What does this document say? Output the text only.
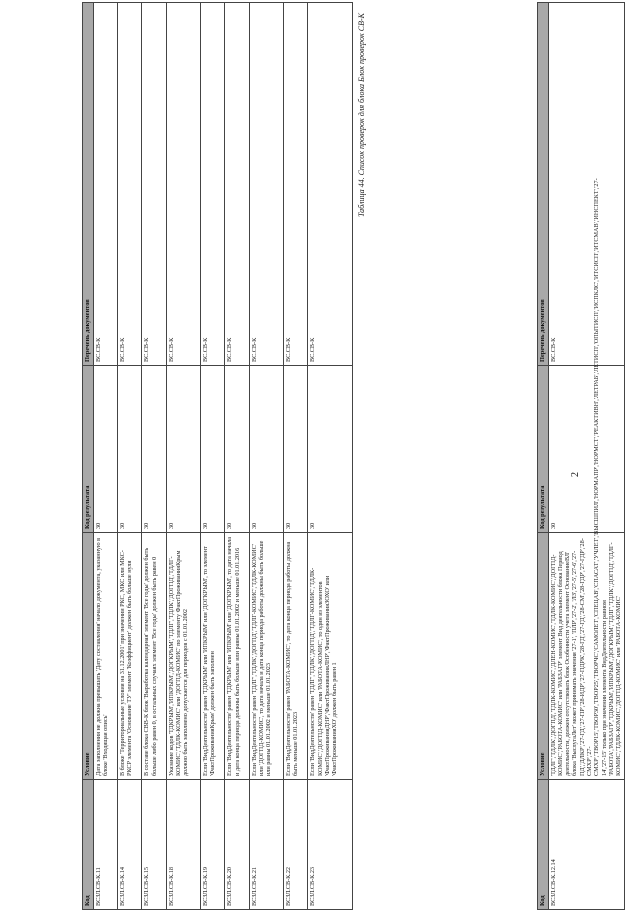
2
Код	Условие	Код результата	Перечень документов
ВСЗЛ.СВ-К.12.14	'ТДЛГ','ТДЛК','ДОГПД','ТДЛК-КОМИС','ДЛЕН-КОМИС','ТДЛК-КОМИС','ДОГПД-КОМИС','РАБОТА-КОМИС' или 'РАБЗАГР' элемент Вид деятельности блока Период деятельности, должен отсутствовать блок Особенности учета элемент ОснованиеВЛ' блока 'ВыслугаЛет' может принимать значения '27-1', 'ПЛР','27-2', 'ЛЗ','27-5','27-6','27-ПД','ДЛКР','27-ГД','27-ПР','28-ИДР','27-ПДРК','28-ГД','27-ГД','28-СМ','28-ГДР','27-ГДР','28-СМХР','27-СМХР','ТВОР15','ТВОР30','ТВОР25','ТВОРЧС','САМОЛЕТ','СПЕЦАВ','СПАСАТ','УЧЛЕТ','ВЫСШПИЛ','НОРМАПР','НОРМСТ','РЕАКТИВН','ЛЕТРАБ','ЛЕТИСП','ОПЫТИСП','ИСПКЛС','ИТСИСП','ИТСМАВ','ИНСПЕКТ','27-14','27-15' только при значении элемента ВидДеятельности равном 'РАБОТА','РАБЗАГР','ТДКРЫМ','ИПКРЫМ','ДОГКРЫМ','ТДЛГ','ТДЛК','ДОГПД','ТДЛГ-КОМИС','ТДЛК-КОМИС','ДОГПД-КОМИС' или 'РАБОТА-КОМИС'	30	ВС.СВ-К
Таблица 44. Список проверок для блока Блок проверок СВ-К
Код	Условие	Код результата	Перечень документов
ВСЗЛ.СВ-К.11	Дата заполнения не должна превышать 'Дату составления' начало документа, указанную в блоке 'Входящая опись'	30	ВС.СВ-К
ВСЗЛ.СВ-К.14	В блоке 'Территориальные условия на 31.12.2001' при значении РКС, МКС или МКС-РКСР элемента 'Основание ТУ' элемент 'Коэффициент' должен быть больше нуля	30	ВС.СВ-К
ВСЗЛ.СВ-К.15	В составе блока СВВ-К блок 'Выработка календарная' элемент 'Все годы' должен быть больше либо равен 0, в остальных случаях элемент 'Все годы' должен быть равен 0	30	ВС.СВ-К
ВСЗЛ.СВ-К.18	Указание кодов 'ТДКРЫМ','ИПКРЫМ','ДОГКРЫМ','ТДЛГ','ТДЛК','ДОГПД','ТДЛГ-КОМИС','ТДЛК-КОМИС' или 'ДОГПД-КОМИС' по элементу ФактПроживанияКрым должно быть заполнено допускается для периодов с 01.01.2002	30	ВС.СВ-К
ВСЗЛ.СВ-К.19	Если 'ВидДеятельности' равен 'ТДКРЫМ' или 'ИПКРЫМ' или 'ДОГКРЫМ', то элемент 'ФактПроживанияКрым' должен быть заполнен	30	ВС.СВ-К
ВСЗЛ.СВ-К.20	Если 'ВидДеятельности' равен 'ТДКРЫМ' или 'ИПКРЫМ' или 'ДОГКРЫМ', то дата начала и дата конца периода должны быть больше или равны 01.01.2002 и меньше 01.01.2016	30	ВС.СВ-К
ВСЗЛ.СВ-К.21	Если 'ВидДеятельности' равен 'ТДЛГ','ТДЛК','ДОГПД','ТДЛГ-КОМИС','ТДЛК-КОМИС' или 'ДОГПД-КОМИС', то дата начала и дата конца периода работы должны быть больше или равны 01.01.2002 и меньше 01.01.2023	30	ВС.СВ-К
ВСЗЛ.СВ-К.22	Если 'ВидДеятельности' равен 'РАБОТА-КОМИС', то дата конца периода работы должна быть меньше 01.01.2023	30	ВС.СВ-К
ВСЗЛ.СВ-К.23	Если 'ВидДеятельности' равен 'ТДЛГ','ТДЛК','ДОГПД','ТДЛГ-КОМИС','ТДЛК-КОМИС','ДОГПД-КОМИС' или 'РАБОТА-КОМИС', то один из элементов 'ФактПроживанияДНР','ФактПроживанияЛНР','ФактПроживанияЗОХО' или 'ФактПроживанияХО' должен быть равен 1	30	ВС.СВ-К
